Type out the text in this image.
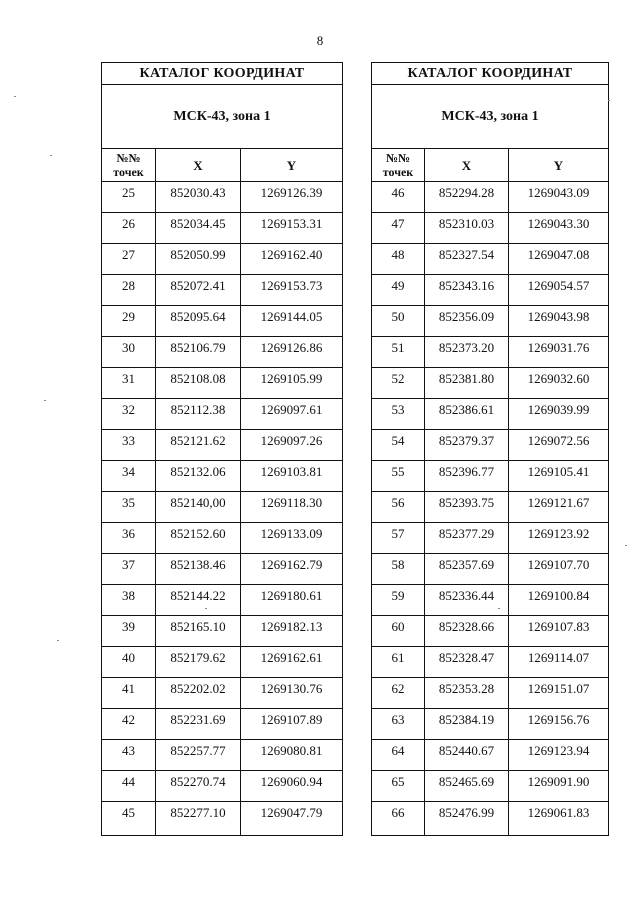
8
КАТАЛОГ КООРДИНАТ		
МСК-43, зона 1		
№№
точек	X	Y
25	852030.43	1269126.39
26	852034.45	1269153.31
27	852050.99	1269162.40
28	852072.41	1269153.73
29	852095.64	1269144.05
30	852106.79	1269126.86
31	852108.08	1269105.99
32	852112.38	1269097.61
33	852121.62	1269097.26
34	852132.06	1269103.81
35	852140,00	1269118.30
36	852152.60	1269133.09
37	852138.46	1269162.79
38	852144.22	1269180.61
39	852165.10	1269182.13
40	852179.62	1269162.61
41	852202.02	1269130.76
42	852231.69	1269107.89
43	852257.77	1269080.81
44	852270.74	1269060.94
45	852277.10	1269047.79
КАТАЛОГ КООРДИНАТ		
МСК-43, зона 1		
№№
точек	X	Y
46	852294.28	1269043.09
47	852310.03	1269043.30
48	852327.54	1269047.08
49	852343.16	1269054.57
50	852356.09	1269043.98
51	852373.20	1269031.76
52	852381.80	1269032.60
53	852386.61	1269039.99
54	852379.37	1269072.56
55	852396.77	1269105.41
56	852393.75	1269121.67
57	852377.29	1269123.92
58	852357.69	1269107.70
59	852336.44	1269100.84
60	852328.66	1269107.83
61	852328.47	1269114.07
62	852353.28	1269151.07
63	852384.19	1269156.76
64	852440.67	1269123.94
65	852465.69	1269091.90
66	852476.99	1269061.83
